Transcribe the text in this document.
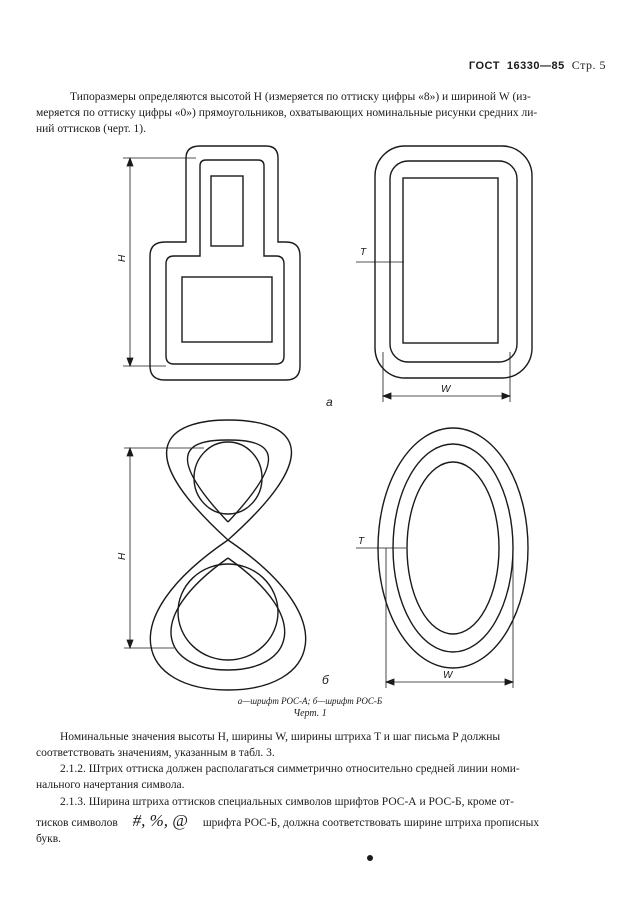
ГОСТ 16330—85 Стр. 5
Типоразмеры определяются высотой H (измеряется по оттиску цифры «8») и шириной W (из-
меряется по оттиску цифры «0») прямоугольников, охватывающих номинальные рисунки средних ли-
ний оттисков (черт. 1).
H
T
W
а
H
T
W
б
а—шрифт РОС-А; б—шрифт РОС-Б
Черт. 1
Номинальные значения высоты H, ширины W, ширины штриха T и шаг письма P должны
соответствовать значениям, указанным в табл. 3.
2.1.2. Штрих оттиска должен располагаться симметрично относительно средней линии номи-
нального начертания символа.
2.1.3. Ширина штриха оттисков специальных символов шрифтов РОС-А и РОС-Б, кроме от-
тисков символов #, %, @ шрифта РОС-Б, должна соответствовать ширине штриха прописных
букв.
